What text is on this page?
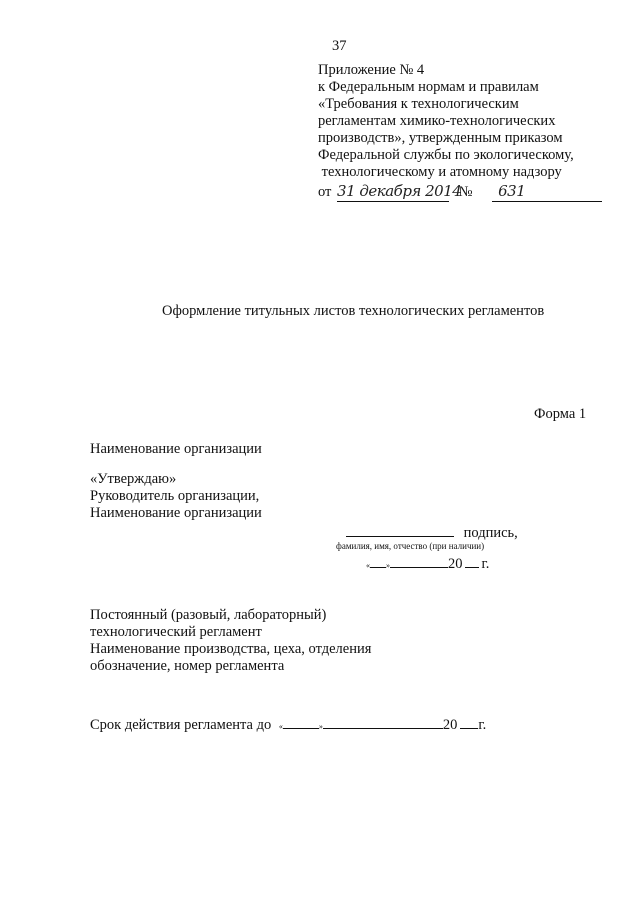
37
Приложение № 4
к Федеральным нормам и правилам
«Требования к технологическим
регламентам химико-технологических
производств», утвержденным приказом
Федеральной службы по экологическому,
технологическому и атомному надзору
от 31 декабря 2014 № 631
Оформление титульных листов технологических регламентов
Форма 1
Наименование организации
«Утверждаю»
Руководитель организации,
Наименование организации
подпись,
фамилия, имя, отчество (при наличии)
« »	20 г.
Постоянный (разовый, лабораторный)
технологический регламент
Наименование производства, цеха, отделения
обозначение, номер регламента
Срок действия регламента до «	»	20 г.
